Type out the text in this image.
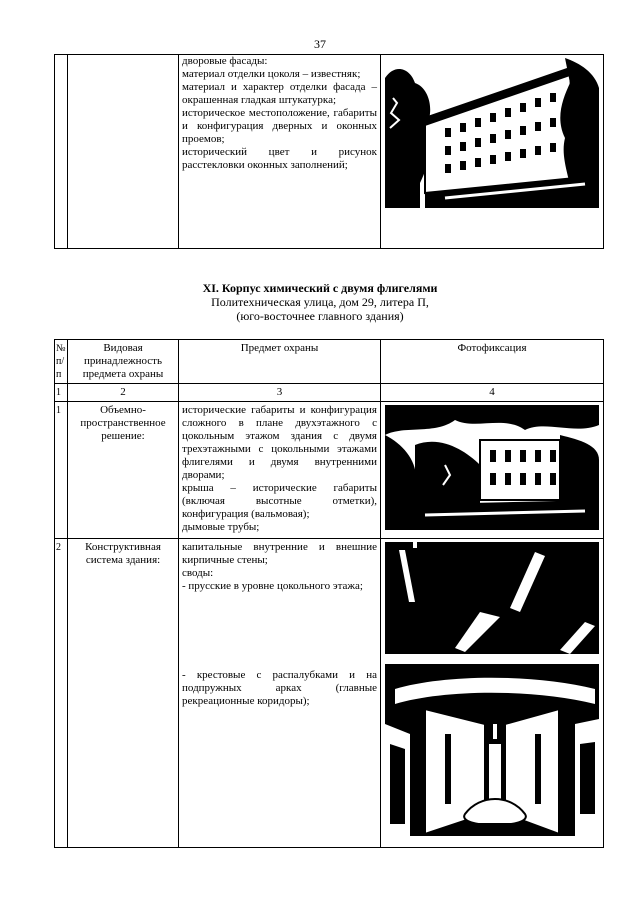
37

дворовые фасады:
материал отделки цоколя – известняк;
материал и характер отделки фасада – окрашенная гладкая штукатурка;
историческое местоположение, габариты и конфигурация дверных и оконных проемов;
исторический цвет и рисунок расстекловки оконных заполнений;

XI. Корпус химический с двумя флигелями
Политехническая улица, дом 29, литера П,
(юго-восточнее главного здания)
№ п/п	Видовая принадлежность предмета охраны	Предмет охраны	Фотофиксация
1	2	3	4
1	Объемно-пространственное решение:	исторические габариты и конфигурация сложного в плане двухэтажного с цокольным этажом здания с двумя трехэтажными с цокольными этажами флигелями и двумя внутренними дворами;
крыша – исторические габариты (включая высотные отметки), конфигурация (вальмовая);
дымовые трубы;

2	Конструктивная система здания:	капитальные внутренние и внешние кирпичные стены;
своды:
- прусские в уровне цокольного этажа;
- крестовые с распалубками и на подпружных арках (главные рекреационные коридоры);
